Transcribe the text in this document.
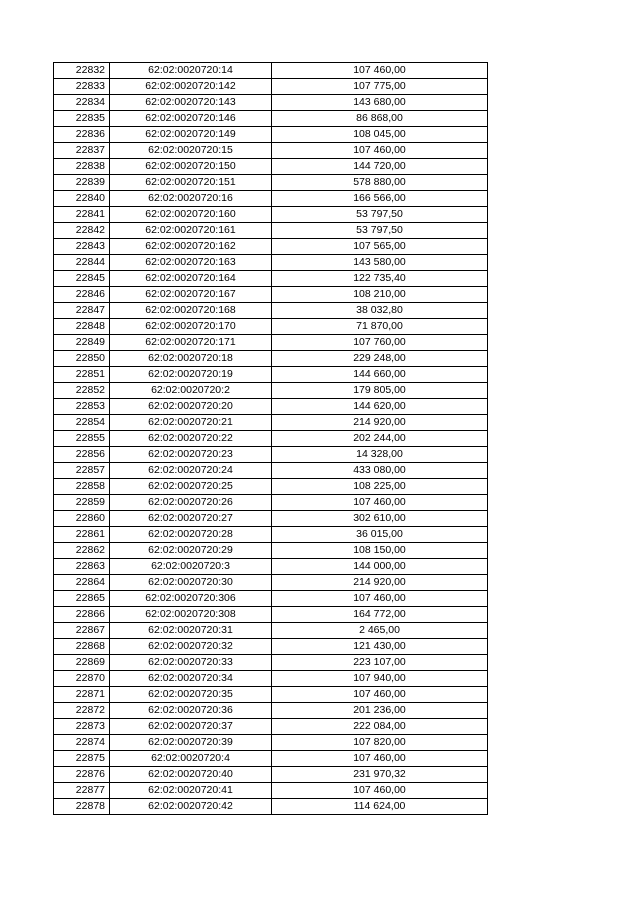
22832	62:02:0020720:14	107 460,00
22833	62:02:0020720:142	107 775,00
22834	62:02:0020720:143	143 680,00
22835	62:02:0020720:146	86 868,00
22836	62:02:0020720:149	108 045,00
22837	62:02:0020720:15	107 460,00
22838	62:02:0020720:150	144 720,00
22839	62:02:0020720:151	578 880,00
22840	62:02:0020720:16	166 566,00
22841	62:02:0020720:160	53 797,50
22842	62:02:0020720:161	53 797,50
22843	62:02:0020720:162	107 565,00
22844	62:02:0020720:163	143 580,00
22845	62:02:0020720:164	122 735,40
22846	62:02:0020720:167	108 210,00
22847	62:02:0020720:168	38 032,80
22848	62:02:0020720:170	71 870,00
22849	62:02:0020720:171	107 760,00
22850	62:02:0020720:18	229 248,00
22851	62:02:0020720:19	144 660,00
22852	62:02:0020720:2	179 805,00
22853	62:02:0020720:20	144 620,00
22854	62:02:0020720:21	214 920,00
22855	62:02:0020720:22	202 244,00
22856	62:02:0020720:23	14 328,00
22857	62:02:0020720:24	433 080,00
22858	62:02:0020720:25	108 225,00
22859	62:02:0020720:26	107 460,00
22860	62:02:0020720:27	302 610,00
22861	62:02:0020720:28	36 015,00
22862	62:02:0020720:29	108 150,00
22863	62:02:0020720:3	144 000,00
22864	62:02:0020720:30	214 920,00
22865	62:02:0020720:306	107 460,00
22866	62:02:0020720:308	164 772,00
22867	62:02:0020720:31	2 465,00
22868	62:02:0020720:32	121 430,00
22869	62:02:0020720:33	223 107,00
22870	62:02:0020720:34	107 940,00
22871	62:02:0020720:35	107 460,00
22872	62:02:0020720:36	201 236,00
22873	62:02:0020720:37	222 084,00
22874	62:02:0020720:39	107 820,00
22875	62:02:0020720:4	107 460,00
22876	62:02:0020720:40	231 970,32
22877	62:02:0020720:41	107 460,00
22878	62:02:0020720:42	114 624,00
